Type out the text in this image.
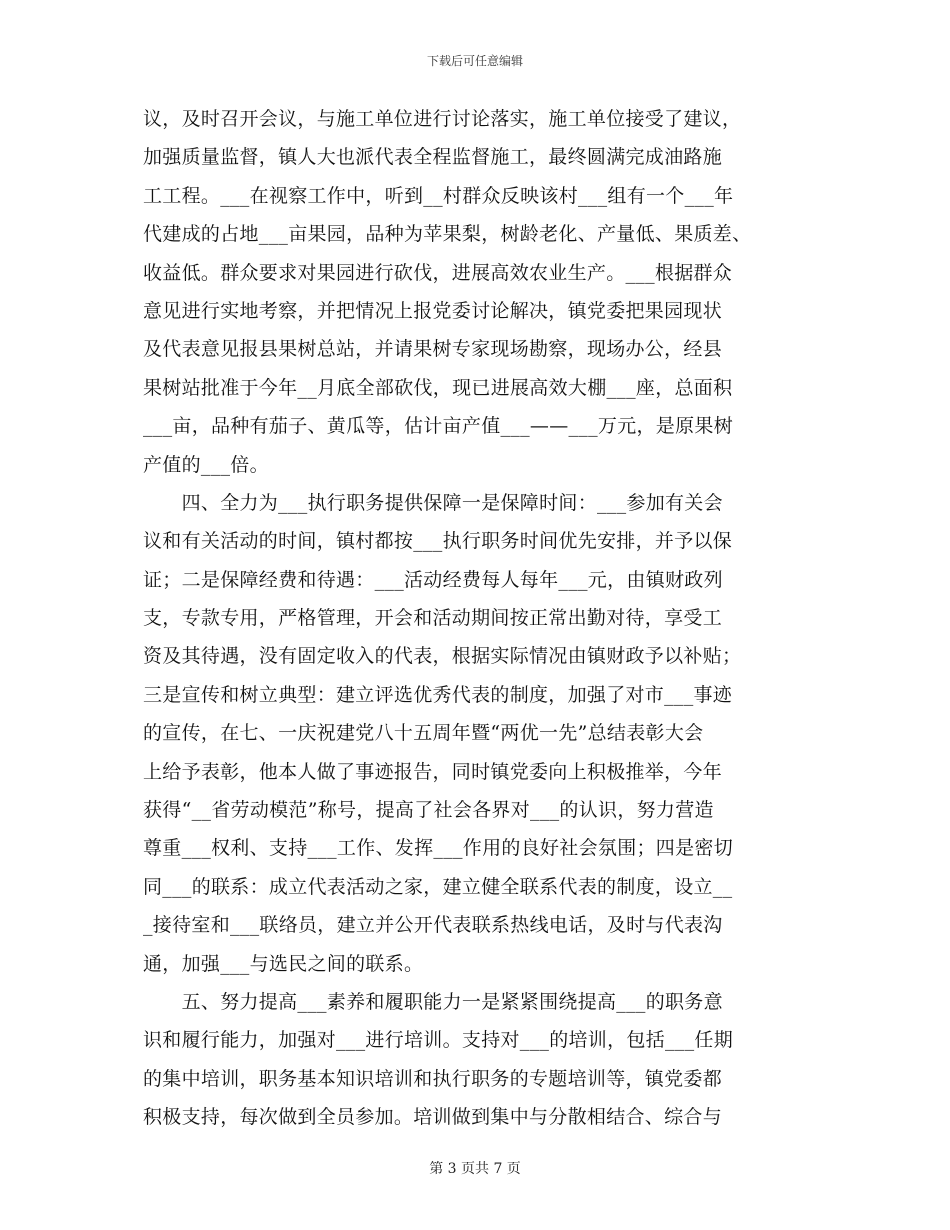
下载后可任意编辑
议，及时召开会议，与施工单位进行讨论落实，施工单位接受了建议，
加强质量监督，镇人大也派代表全程监督施工，最终圆满完成油路施
工工程。___在视察工作中，听到__村群众反映该村___组有一个___年
代建成的占地___亩果园，品种为苹果梨，树龄老化、产量低、果质差、
收益低。群众要求对果园进行砍伐，进展高效农业生产。___根据群众
意见进行实地考察，并把情况上报党委讨论解决，镇党委把果园现状
及代表意见报县果树总站，并请果树专家现场勘察，现场办公，经县
果树站批准于今年__月底全部砍伐，现已进展高效大棚___座，总面积
___亩，品种有茄子、黄瓜等，估计亩产值___——___万元，是原果树
产值的___倍。
　　四、全力为___执行职务提供保障一是保障时间：___参加有关会
议和有关活动的时间，镇村都按___执行职务时间优先安排，并予以保
证；二是保障经费和待遇：___活动经费每人每年___元，由镇财政列
支，专款专用，严格管理，开会和活动期间按正常出勤对待，享受工
资及其待遇，没有固定收入的代表，根据实际情况由镇财政予以补贴；
三是宣传和树立典型：建立评选优秀代表的制度，加强了对市___事迹
的宣传，在七、一庆祝建党八十五周年暨“两优一先”总结表彰大会
上给予表彰，他本人做了事迹报告，同时镇党委向上积极推举，今年
获得“__省劳动模范”称号，提高了社会各界对___的认识，努力营造
尊重___权利、支持___工作、发挥___作用的良好社会氛围；四是密切
同___的联系：成立代表活动之家，建立健全联系代表的制度，设立__
_接待室和___联络员，建立并公开代表联系热线电话，及时与代表沟
通，加强___与选民之间的联系。
　　五、努力提高___素养和履职能力一是紧紧围绕提高___的职务意
识和履行能力，加强对___进行培训。支持对___的培训，包括___任期
的集中培训，职务基本知识培训和执行职务的专题培训等，镇党委都
积极支持，每次做到全员参加。培训做到集中与分散相结合、综合与
第 3 页共 7 页
